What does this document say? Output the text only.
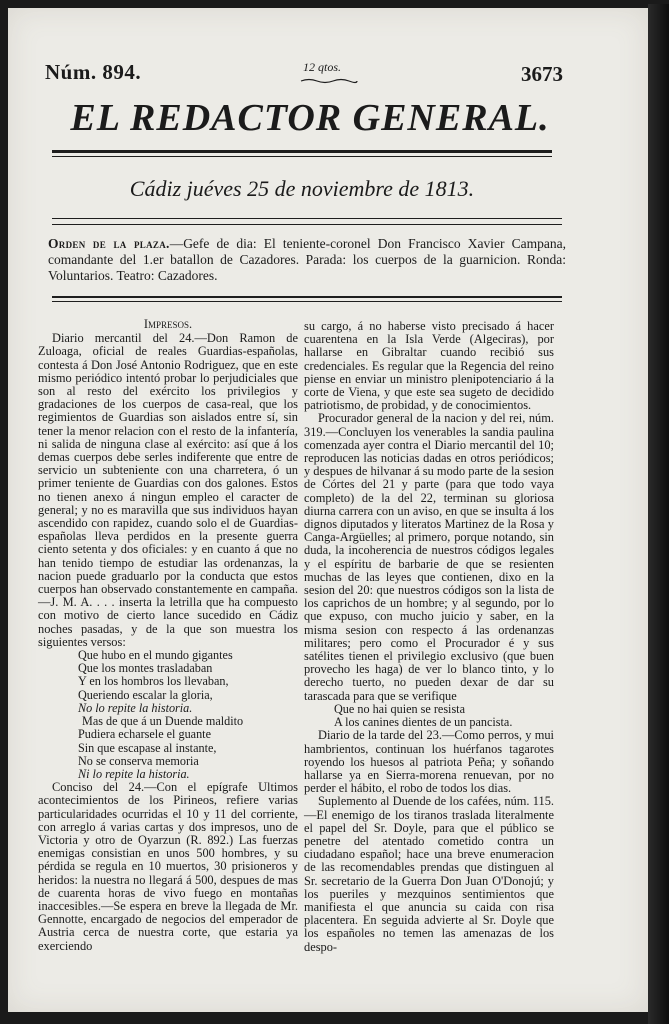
Núm. 894.	12 qtos.	3673
EL REDACTOR GENERAL.
Cádiz juéves 25 de noviembre de 1813.
Orden de la plaza.—Gefe de dia: El teniente-coronel Don Francisco Xavier Campana, comandante del 1.er batallon de Cazadores. Parada: los cuerpos de la guarnicion. Ronda: Voluntarios. Teatro: Cazadores.

Impresos.

Diario mercantil del 24.—Don Ramon de Zuloaga, oficial de reales Guardias-españolas, contesta á Don José Antonio Rodriguez, que en este mismo periódico intentó probar lo perjudiciales que son al resto del exército los privilegios y gradaciones de los cuerpos de casa-real, que los regimientos de Guardias son aislados entre sí, sin tener la menor relacion con el resto de la infantería, ni salida de ninguna clase al exército: así que á los demas cuerpos debe serles indiferente que entre de servicio un subteniente con una charretera, ó un primer teniente de Guardias con dos galones. Estos no tienen anexo á ningun empleo el caracter de general; y no es maravilla que sus individuos hayan ascendido con rapidez, cuando solo el de Guardias-españolas lleva perdidos en la presente guerra ciento setenta y dos oficiales: y en cuanto á que no han tenido tiempo de estudiar las ordenanzas, la nacion puede graduarlo por la conducta que estos cuerpos han observado constantemente en campaña.—J. M. A. . . . inserta la letrilla que ha compuesto con motivo de cierto lance sucedido en Cádiz noches pasadas, y de la que son muestra los siguientes versos:

Que hubo en el mundo gigantes
Que los montes trasladaban
Y en los hombros los llevaban,
Queriendo escalar la gloria,
No lo repite la historia.
Mas de que á un Duende maldito
Pudiera echarsele el guante
Sin que escapase al instante,
No se conserva memoria
Ni lo repite la historia.

Conciso del 24.—Con el epígrafe Ultimos acontecimientos de los Pirineos, refiere varias particularidades ocurridas el 10 y 11 del corriente, con arreglo á varias cartas y dos impresos, uno de Victoria y otro de Oyarzun (R. 892.) Las fuerzas enemigas consistian en unos 500 hombres, y su pérdida se regula en 10 muertos, 30 prisioneros y heridos: la nuestra no llegará á 500, despues de mas de cuarenta horas de vivo fuego en montañas inaccesibles.—Se espera en breve la llegada de Mr. Gennotte, encargado de negocios del emperador de Austria cerca de nuestra corte, que estaria ya exerciendo

su cargo, á no haberse visto precisado á hacer cuarentena en la Isla Verde (Algeciras), por hallarse en Gibraltar cuando recibió sus credenciales. Es regular que la Regencia del reino piense en enviar un ministro plenipotenciario á la corte de Viena, y que este sea sugeto de decidido patriotismo, de probidad, y de conocimientos.

Procurador general de la nacion y del rei, núm. 319.—Concluyen los venerables la sandia paulina comenzada ayer contra el Diario mercantil del 10; reproducen las noticias dadas en otros periódicos; y despues de hilvanar á su modo parte de la sesion de Córtes del 21 y parte (para que todo vaya completo) de la del 22, terminan su gloriosa diurna carrera con un aviso, en que se insulta á los dignos diputados y literatos Martinez de la Rosa y Canga-Argüelles; al primero, porque notando, sin duda, la incoherencia de nuestros códigos legales y el espíritu de barbarie de que se resienten muchas de las leyes que contienen, dixo en la sesion del 20: que nuestros códigos son la lista de los caprichos de un hombre; y al segundo, por lo que expuso, con mucho juicio y saber, en la misma sesion con respecto á las ordenanzas militares; pero como el Procurador é y sus satélites tienen el privilegio exclusivo (que buen provecho les haga) de ver lo blanco tinto, y lo derecho tuerto, no pueden dexar de dar su tarascada para que se verifique

Que no hai quien se resista
A los canines dientes de un pancista.

Diario de la tarde del 23.—Como perros, y mui hambrientos, continuan los huérfanos tagarotes royendo los huesos al patriota Peña; y soñando hallarse ya en Sierra-morena renuevan, por no perder el hábito, el robo de todos los dias.

Suplemento al Duende de los cafées, núm. 115.—El enemigo de los tiranos traslada literalmente el papel del Sr. Doyle, para que el público se penetre del atentado cometido contra un ciudadano español; hace una breve enumeracion de las recomendables prendas que distinguen al Sr. secretario de la Guerra Don Juan O'Donojú; y los pueriles y mezquinos sentimientos que manifiesta el que anuncia su caida con risa placentera. En seguida advierte al Sr. Doyle que los españoles no temen las amenazas de los despo-
